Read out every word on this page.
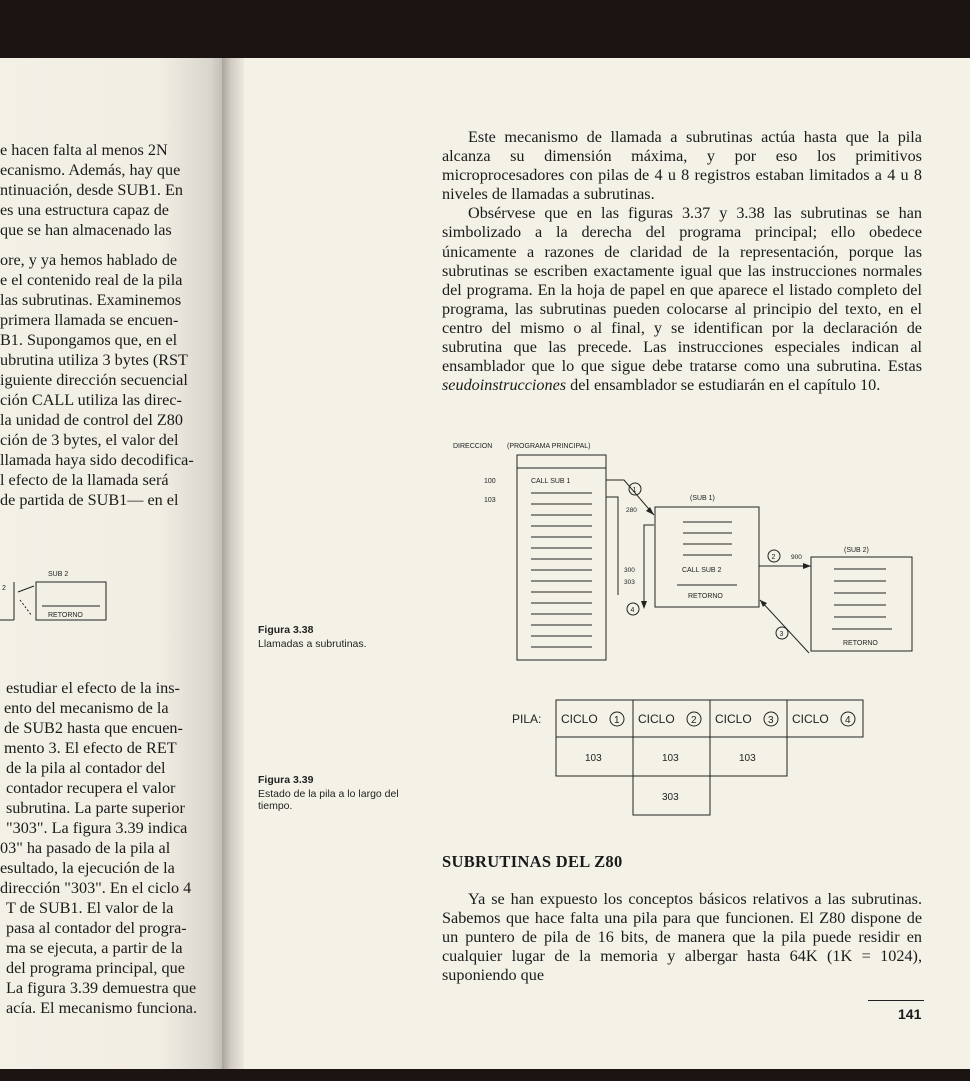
e hacen falta al menos 2N
ecanismo. Además, hay que
ntinuación, desde SUB1. En
es una estructura capaz de
que se han almacenado las
ore, y ya hemos hablado de
e el contenido real de la pila
las subrutinas. Examinemos
primera llamada se encuen-
B1. Supongamos que, en el
ubrutina utiliza 3 bytes (RST
iguiente dirección secuencial
ción CALL utiliza las direc-
la unidad de control del Z80
ción de 3 bytes, el valor del
llamada haya sido decodifica-
l efecto de la llamada será
de partida de SUB1— en el
SUB 2
RETORNO
2
estudiar el efecto de la ins-
ento del mecanismo de la
de SUB2 hasta que encuen-
mento 3. El efecto de RET
de la pila al contador del
contador recupera el valor
subrutina. La parte superior
"303". La figura 3.39 indica
03" ha pasado de la pila al
esultado, la ejecución de la
dirección "303". En el ciclo 4
T de SUB1. El valor de la
pasa al contador del progra-
ma se ejecuta, a partir de la
del programa principal, que
La figura 3.39 demuestra que
acía. El mecanismo funciona.

Este mecanismo de llamada a subrutinas actúa hasta que la pila alcanza su dimensión máxima, y por eso los primitivos microprocesadores con pilas de 4 u 8 registros estaban limitados a 4 u 8 niveles de llamadas a subrutinas.

Obsérvese que en las figuras 3.37 y 3.38 las subrutinas se han simbolizado a la derecha del programa principal; ello obedece únicamente a razones de claridad de la representación, porque las subrutinas se escriben exactamente igual que las instrucciones normales del programa. En la hoja de papel en que aparece el listado completo del programa, las subrutinas pueden colocarse al principio del texto, en el centro del mismo o al final, y se identifican por la declaración de subrutina que las precede. Las instrucciones especiales indican al ensamblador que lo que sigue debe tratarse como una subrutina. Estas seudoinstrucciones del ensamblador se estudiarán en el capítulo 10.

Figura 3.38
Llamadas a subrutinas.
Figura 3.39
Estado de la pila a lo largo del
tiempo.
DIRECCION (PROGRAMA PRINCIPAL)
100
103
CALL SUB 1
1
280
300
303
4
(SUB 1)
CALL SUB 2
RETORNO
2 900
(SUB 2)
RETORNO
3
PILA: CICLO 1 CICLO 2 CICLO 3 CICLO 4
103	103	103
303
SUBRUTINAS DEL Z80

Ya se han expuesto los conceptos básicos relativos a las subrutinas. Sabemos que hace falta una pila para que funcionen. El Z80 dispone de un puntero de pila de 16 bits, de manera que la pila puede residir en cualquier lugar de la memoria y albergar hasta 64K (1K = 1024), suponiendo que

141
